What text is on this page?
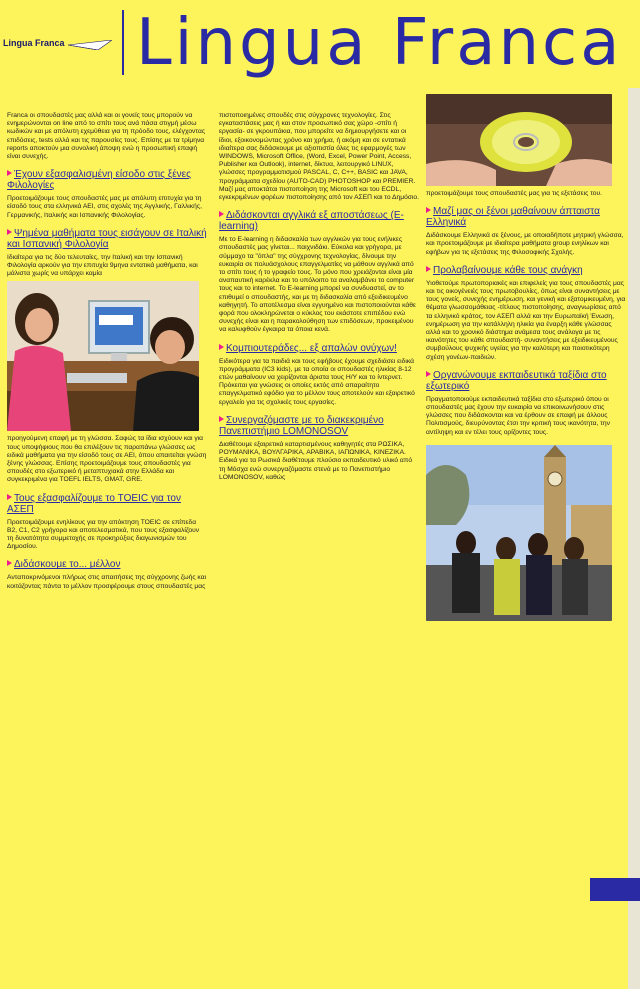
Lingua Franca Lingua Franca

Franca οι σπουδαστές μας αλλά και οι γονείς τους μπορούν να ενημερώνονται on line από το σπίτι τους ανά πάσα στιγμή μέσω κωδικών και με απόλυτη εχεμύθεια για τη πρόοδο τους, ελέγχοντας επιδόσεις, tests αλλά και τις παρουσίες τους. Επίσης με τα τρίμηνα reports αποκτούν μια συνολική άποψη ενώ η προσωπική επαφή είναι συνεχής.

Έχουν εξασφαλισμένη είσοδο στις ξένες Φιλολογίες

Προετοιμάζουμε τους σπουδαστές μας με απόλυτη επιτυχία για τη είσοδό τους στα ελληνικά ΑΕΙ, στις σχολές της Αγγλικής, Γαλλικής, Γερμανικής, Ιταλικής και Ισπανικής Φιλολογίας.

Ψημένα μαθήματα τους εισάγουν σε Ιταλική και Ισπανική Φιλολογία

Ιδιαίτερα για τις δύο τελευταίες, την Ιταλική και την Ισπανική Φιλολογία αρκούν για την επιτυχία 9μηνα εντατικά μαθήματα, και μάλιστα χωρίς να υπάρχει καμία

προηγούμενη επαφή με τη γλώσσα. Σαφώς τα ίδια ισχύουν και για τους υποψήφιους που θα επιλέξουν τις παραπάνω γλώσσες ως ειδικά μαθήματα για την είσοδό τους σε ΑΕΙ, όπου απαιτείται γνώση ξένης γλώσσας. Επίσης προετοιμάζουμε τους σπουδαστές για σπουδές στο εξωτερικό ή μεταπτυχιακά στην Ελλάδα και συγκεκριμένα για TOEFL IELTS, GMAT, GRE.

Τους εξασφαλίζουμε το TOEIC για τον ΑΣΕΠ

Προετοιμάζουμε ενηλίκους για την απόκτηση TOEIC σε επίπεδα Β2, C1, C2 γρήγορα και αποτελεσματικά, που τους εξασφαλίζουν τη δυνατότητα συμμετοχής σε προκηρύξεις διαγωνισμών του Δημοσίου.

Διδάσκουμε το... μέλλον

Ανταποκρινόμενοι πλήρως στις απαιτήσεις της σύγχρονης ζωής και κοιτάζοντας πάντα το μέλλον προσφέρουμε στους σπουδαστές μας

πιστοποιημένες σπουδές στις σύγχρονες τεχνολογίες. Στις εγκαταστάσεις μας ή και στον προσωπικό σας χώρο -σπίτι ή εργασία- σε γκρουπάκια, που μπορείτε να δημιουργήσετε και οι ίδιοι, εξοικονομώντας χρόνο και χρήμα, ή ακόμη και σε εντατικά ιδιαίτερα σας διδάσκουμε με αξιοπιστία όλες τις εφαρμογές των WINDOWS, Microsoft Office, (Word, Excel, Power Point, Access, Publisher και Outlook), internet, δίκτυα, λειτουργικό LINUX, γλώσσες προγραμματισμού PASCAL, C, C++, BASIC και JAVA, προγράμματα σχεδίου (AUTO-CAD) PHOTOSHOP και PREMIER. Μαζί μας αποκτάται πιστοποίηση της Microsoft και του ECDL, εγκεκριμένων φορέων πιστοποίησης από τον ΑΣΕΠ και το Δημόσιο.

Διδάσκονται αγγλικά εξ αποστάσεως (E-learning)

Με το E-learning η διδασκαλία των αγγλικών για τους ενήλικες σπουδαστές μας γίνεται... παιχνιδάκι. Εύκολα και γρήγορα, με σύμμαχο τα "όπλα" της σύγχρονης τεχνολογίας, δίνουμε την ευκαιρία σε πολυάσχολους επαγγελματίες να μάθουν αγγλικά από το σπίτι τους ή το γραφείο τους. Το μόνο που χρειάζονται είναι μία αναπαυτική καρέκλα και το υπόλοιπο τα αναλαμβάνει το computer τους και το internet. Το E-learning μπορεί να συνδυαστεί, αν το επιθυμεί ο σπουδαστής, και με τη διδασκαλία από εξειδικευμένο καθηγητή. Το αποτέλεσμα είναι εγγυημένο και πιστοποιούνται κάθε φορά που ολοκληρώνεται ο κύκλος του εκάστοτε επιπέδου ενώ συνεχής είναι και η παρακολούθηση των επιδόσεων, προκειμένου να καλυφθούν έγκαιρα τα όποια κενά.

Κομπιουτεράδες... εξ απαλών ονύχων!

Ειδικότερα για τα παιδιά και τους εφήβους έχουμε σχεδιάσει ειδικά προγράμματα (IC3 kids), με τα οποία οι σπουδαστές ηλικίας 8-12 ετών μαθαίνουν να χειρίζονται άριστα τους Η/Υ και το ίντερνετ. Πρόκειται για γνώσεις οι οποίες εκτός από απαραίτητο επαγγελματικό εφόδιο για το μέλλον τους αποτελούν και εξαιρετικό εργαλείο για τις σχολικές τους εργασίες.

Συνεργαζόμαστε με το διακεκριμένο Πανεπιστήμιο LOMONOSOV

Διαθέτουμε εξαιρετικά καταρτισμένους καθηγητές στα ΡΩΣΙΚΑ, ΡΟΥΜΑΝΙΚΑ, ΒΟΥΛΓΑΡΙΚΑ, ΑΡΑΒΙΚΑ, ΙΑΠΩΝΙΚΑ, ΚΙΝΕΖΙΚΑ. Ειδικά για τα Ρωσικά διαθέτουμε πλούσιο εκπαιδευτικό υλικό από τη Μόσχα ενώ συνεργαζόμαστε στενά με το Πανεπιστήμιο LOMONOSOV, καθώς

προετοιμάζουμε τους σπουδαστές μας για τις εξετάσεις του.

Μαζί μας οι ξένοι μαθαίνουν άπταιστα Ελληνικά

Διδάσκουμε Ελληνικά σε ξένους, με οποιαδήποτε μητρική γλώσσα, και προετοιμάζουμε με ιδιαίτερα μαθήματα group ενηλίκων και εφήβων για τις εξετάσεις της Φιλοσοφικής Σχολής.

Προλαβαίνουμε κάθε τους ανάγκη

Υιοθετούμε πρωτοποριακές και επιφελείς για τους σπουδαστές μας και τις οικογένειές τους πρωτοβουλίες, όπως είναι συναντήσεις με τους γονείς, συνεχής ενημέρωση, και γενική και εξατομικευμένη, για θέματα γλωσσομάθειας -τίτλους πιστοποίησης, αναγνωρίσεις από τα ελληνικό κράτος, τον ΑΣΕΠ αλλά και την Ευρωπαϊκή Ένωση, ενημέρωση για την κατάλληλη ηλικία για έναρξη κάθε γλώσσας αλλά και το χρονικό διάστημα ανάμεσα τους ανάλογα με τις ικανότητες του κάθε σπουδαστή- συναντήσεις με εξειδικευμένους συμβούλους ψυχικής υγείας για την καλύτερη και ποιοτικότερη σχέση γονέων-παιδιών.

Οργανώνουμε εκπαιδευτικά ταξίδια στο εξωτερικό

Πραγματοποιούμε εκπαιδευτικά ταξίδια στο εξωτερικό όπου οι σπουδαστές μας έχουν την ευκαιρία να επικοινωνήσουν στις γλώσσες που διδάσκονται και να έρθουν σε επαφή με άλλους Πολιτισμούς, διευρύνοντας έτσι την κριτική τους ικανότητα, την αντίληψη και εν τέλει τους ορίζοντες τους.
